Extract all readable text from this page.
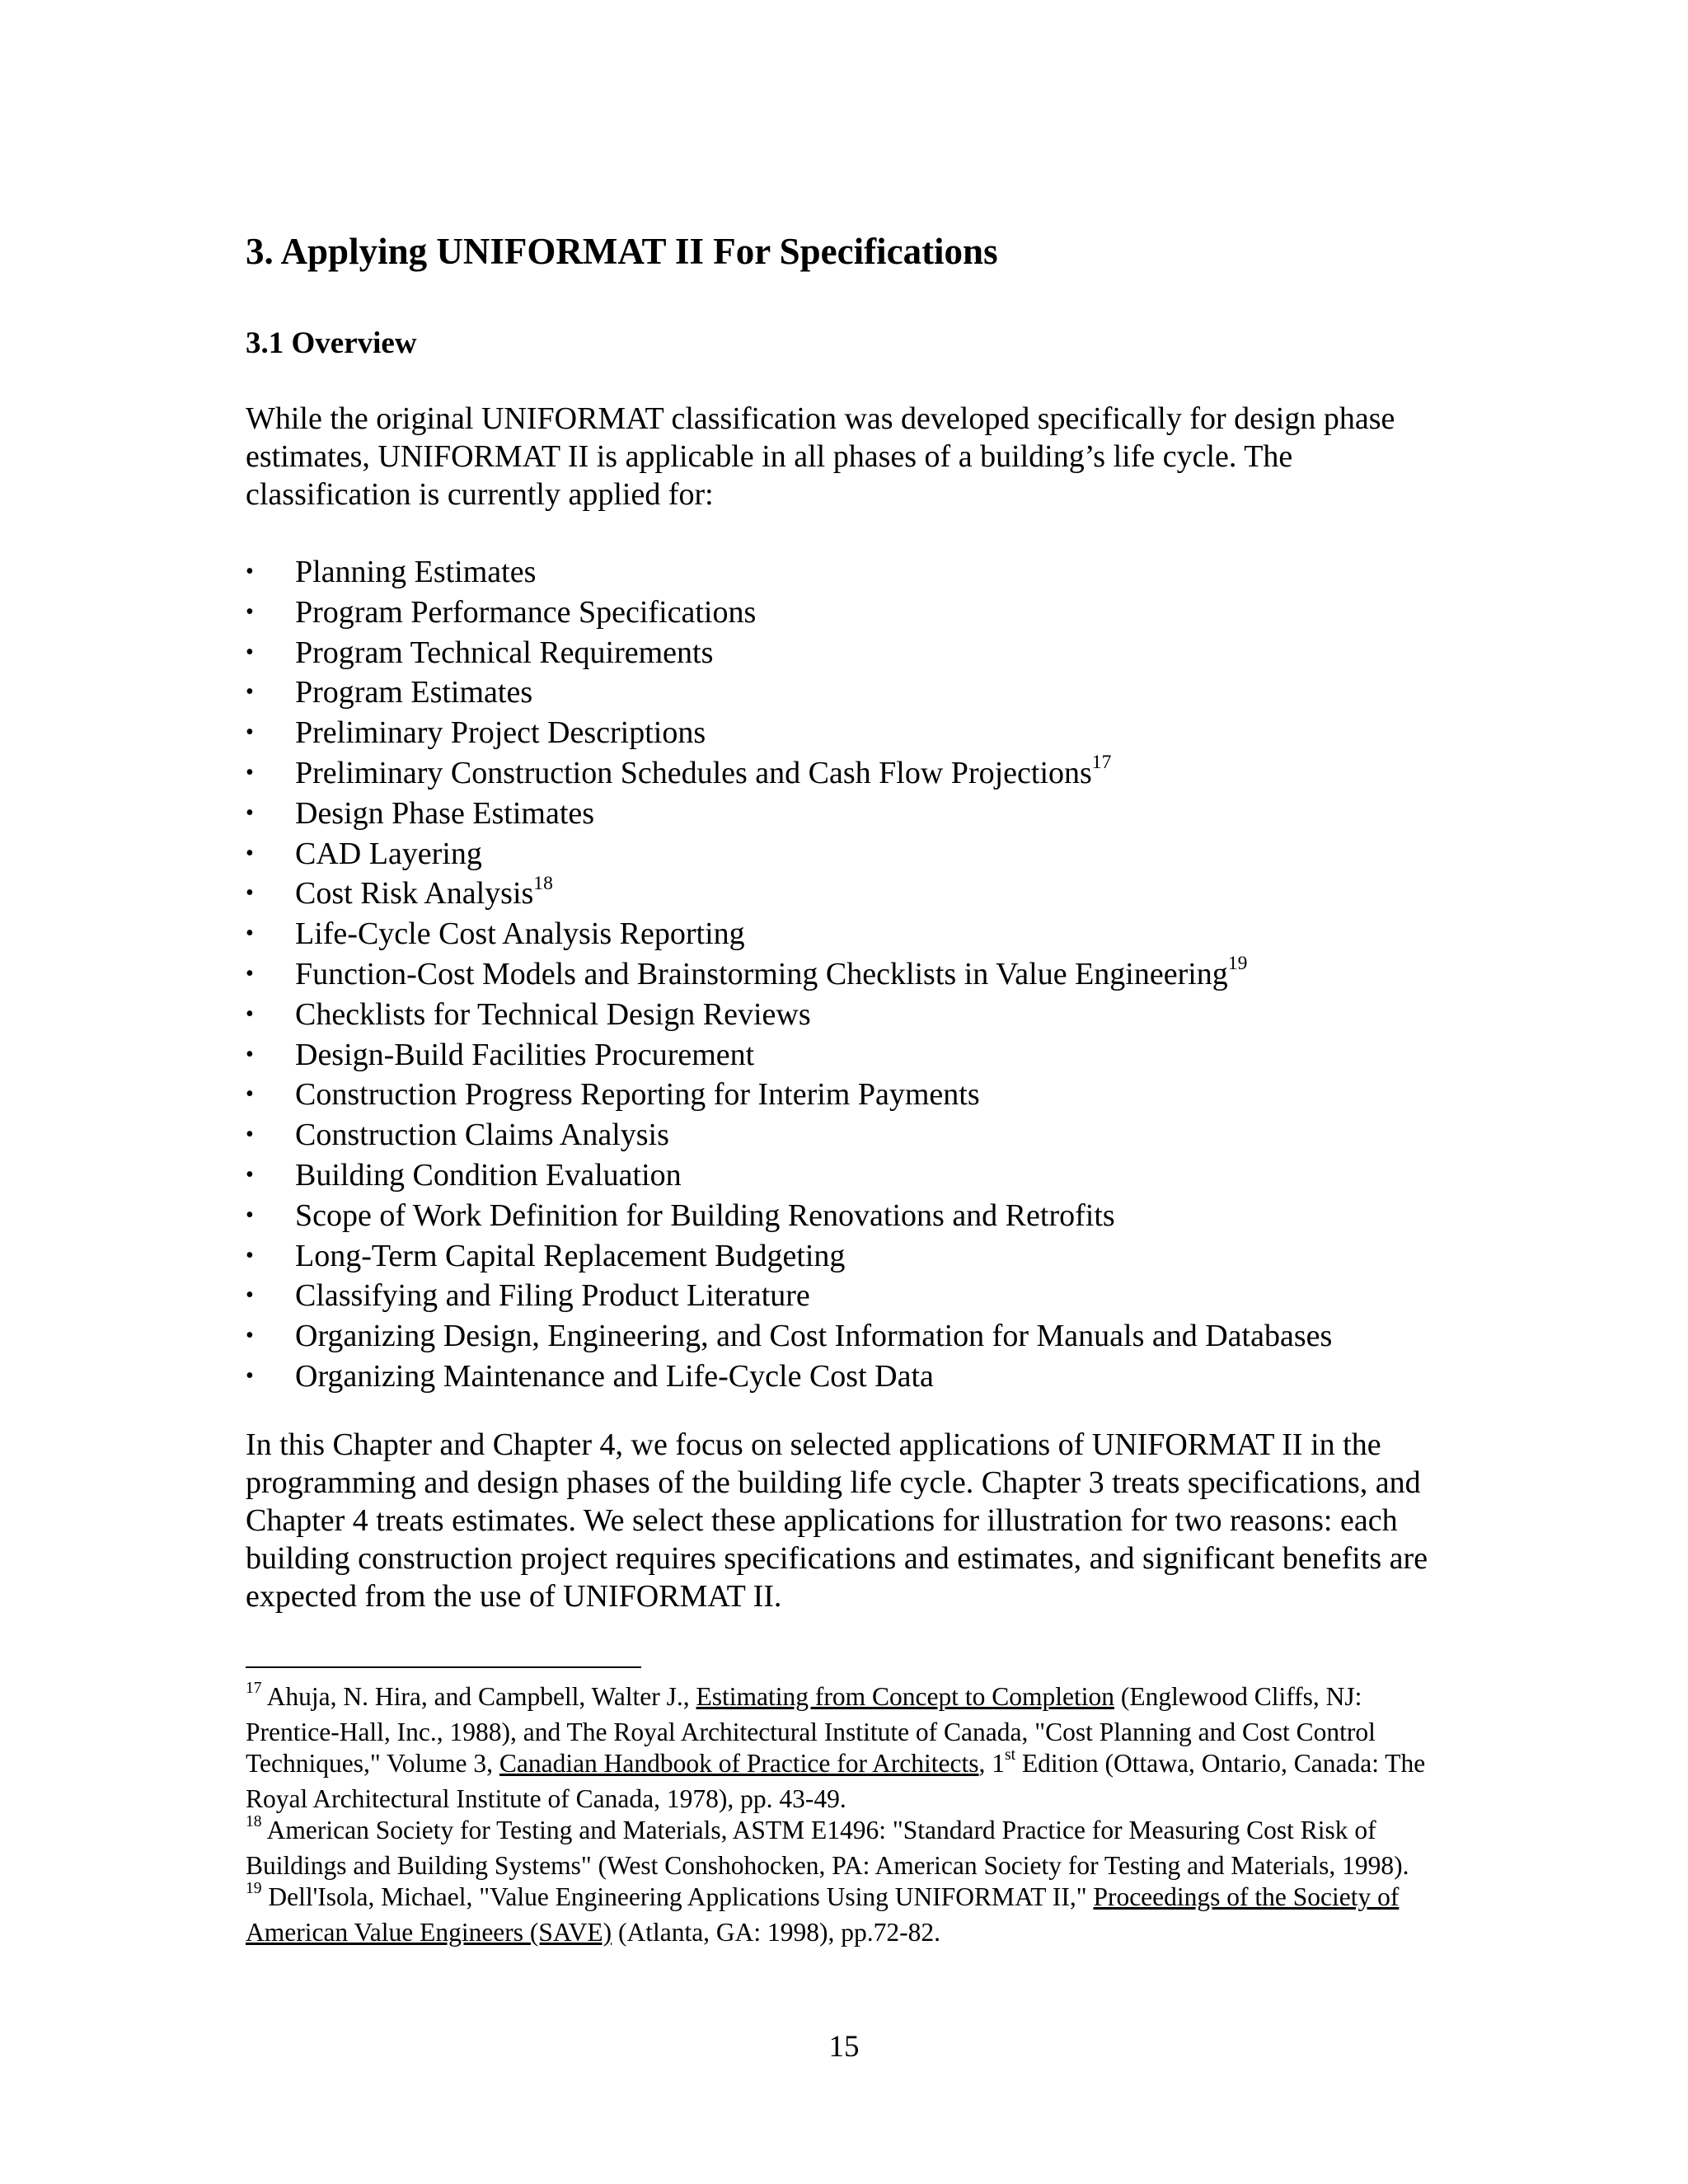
3. Applying UNIFORMAT II For Specifications
3.1 Overview

While the original UNIFORMAT classification was developed specifically for design phase estimates, UNIFORMAT II is applicable in all phases of a building’s life cycle. The classification is currently applied for:

• Planning Estimates
• Program Performance Specifications
• Program Technical Requirements
• Program Estimates
• Preliminary Project Descriptions
• Preliminary Construction Schedules and Cash Flow Projections$^{17}$
• Design Phase Estimates
• CAD Layering
• Cost Risk Analysis$^{18}$
• Life-Cycle Cost Analysis Reporting
• Function-Cost Models and Brainstorming Checklists in Value Engineering$^{19}$
• Checklists for Technical Design Reviews
• Design-Build Facilities Procurement
• Construction Progress Reporting for Interim Payments
• Construction Claims Analysis
• Building Condition Evaluation
• Scope of Work Definition for Building Renovations and Retrofits
• Long-Term Capital Replacement Budgeting
• Classifying and Filing Product Literature
• Organizing Design, Engineering, and Cost Information for Manuals and Databases
• Organizing Maintenance and Life-Cycle Cost Data

In this Chapter and Chapter 4, we focus on selected applications of UNIFORMAT II in the programming and design phases of the building life cycle. Chapter 3 treats specifications, and Chapter 4 treats estimates. We select these applications for illustration for two reasons: each building construction project requires specifications and estimates, and significant benefits are expected from the use of UNIFORMAT II.

$^{17}$ Ahuja, N. Hira, and Campbell, Walter J., Estimating from Concept to Completion (Englewood Cliffs, NJ: Prentice-Hall, Inc., 1988), and The Royal Architectural Institute of Canada, "Cost Planning and Cost Control Techniques," Volume 3, Canadian Handbook of Practice for Architects, 1st Edition (Ottawa, Ontario, Canada: The Royal Architectural Institute of Canada, 1978), pp. 43-49.

$^{18}$ American Society for Testing and Materials, ASTM E1496: "Standard Practice for Measuring Cost Risk of Buildings and Building Systems" (West Conshohocken, PA: American Society for Testing and Materials, 1998).

$^{19}$ Dell'Isola, Michael, "Value Engineering Applications Using UNIFORMAT II," Proceedings of the Society of American Value Engineers (SAVE) (Atlanta, GA: 1998), pp.72-82.

15
